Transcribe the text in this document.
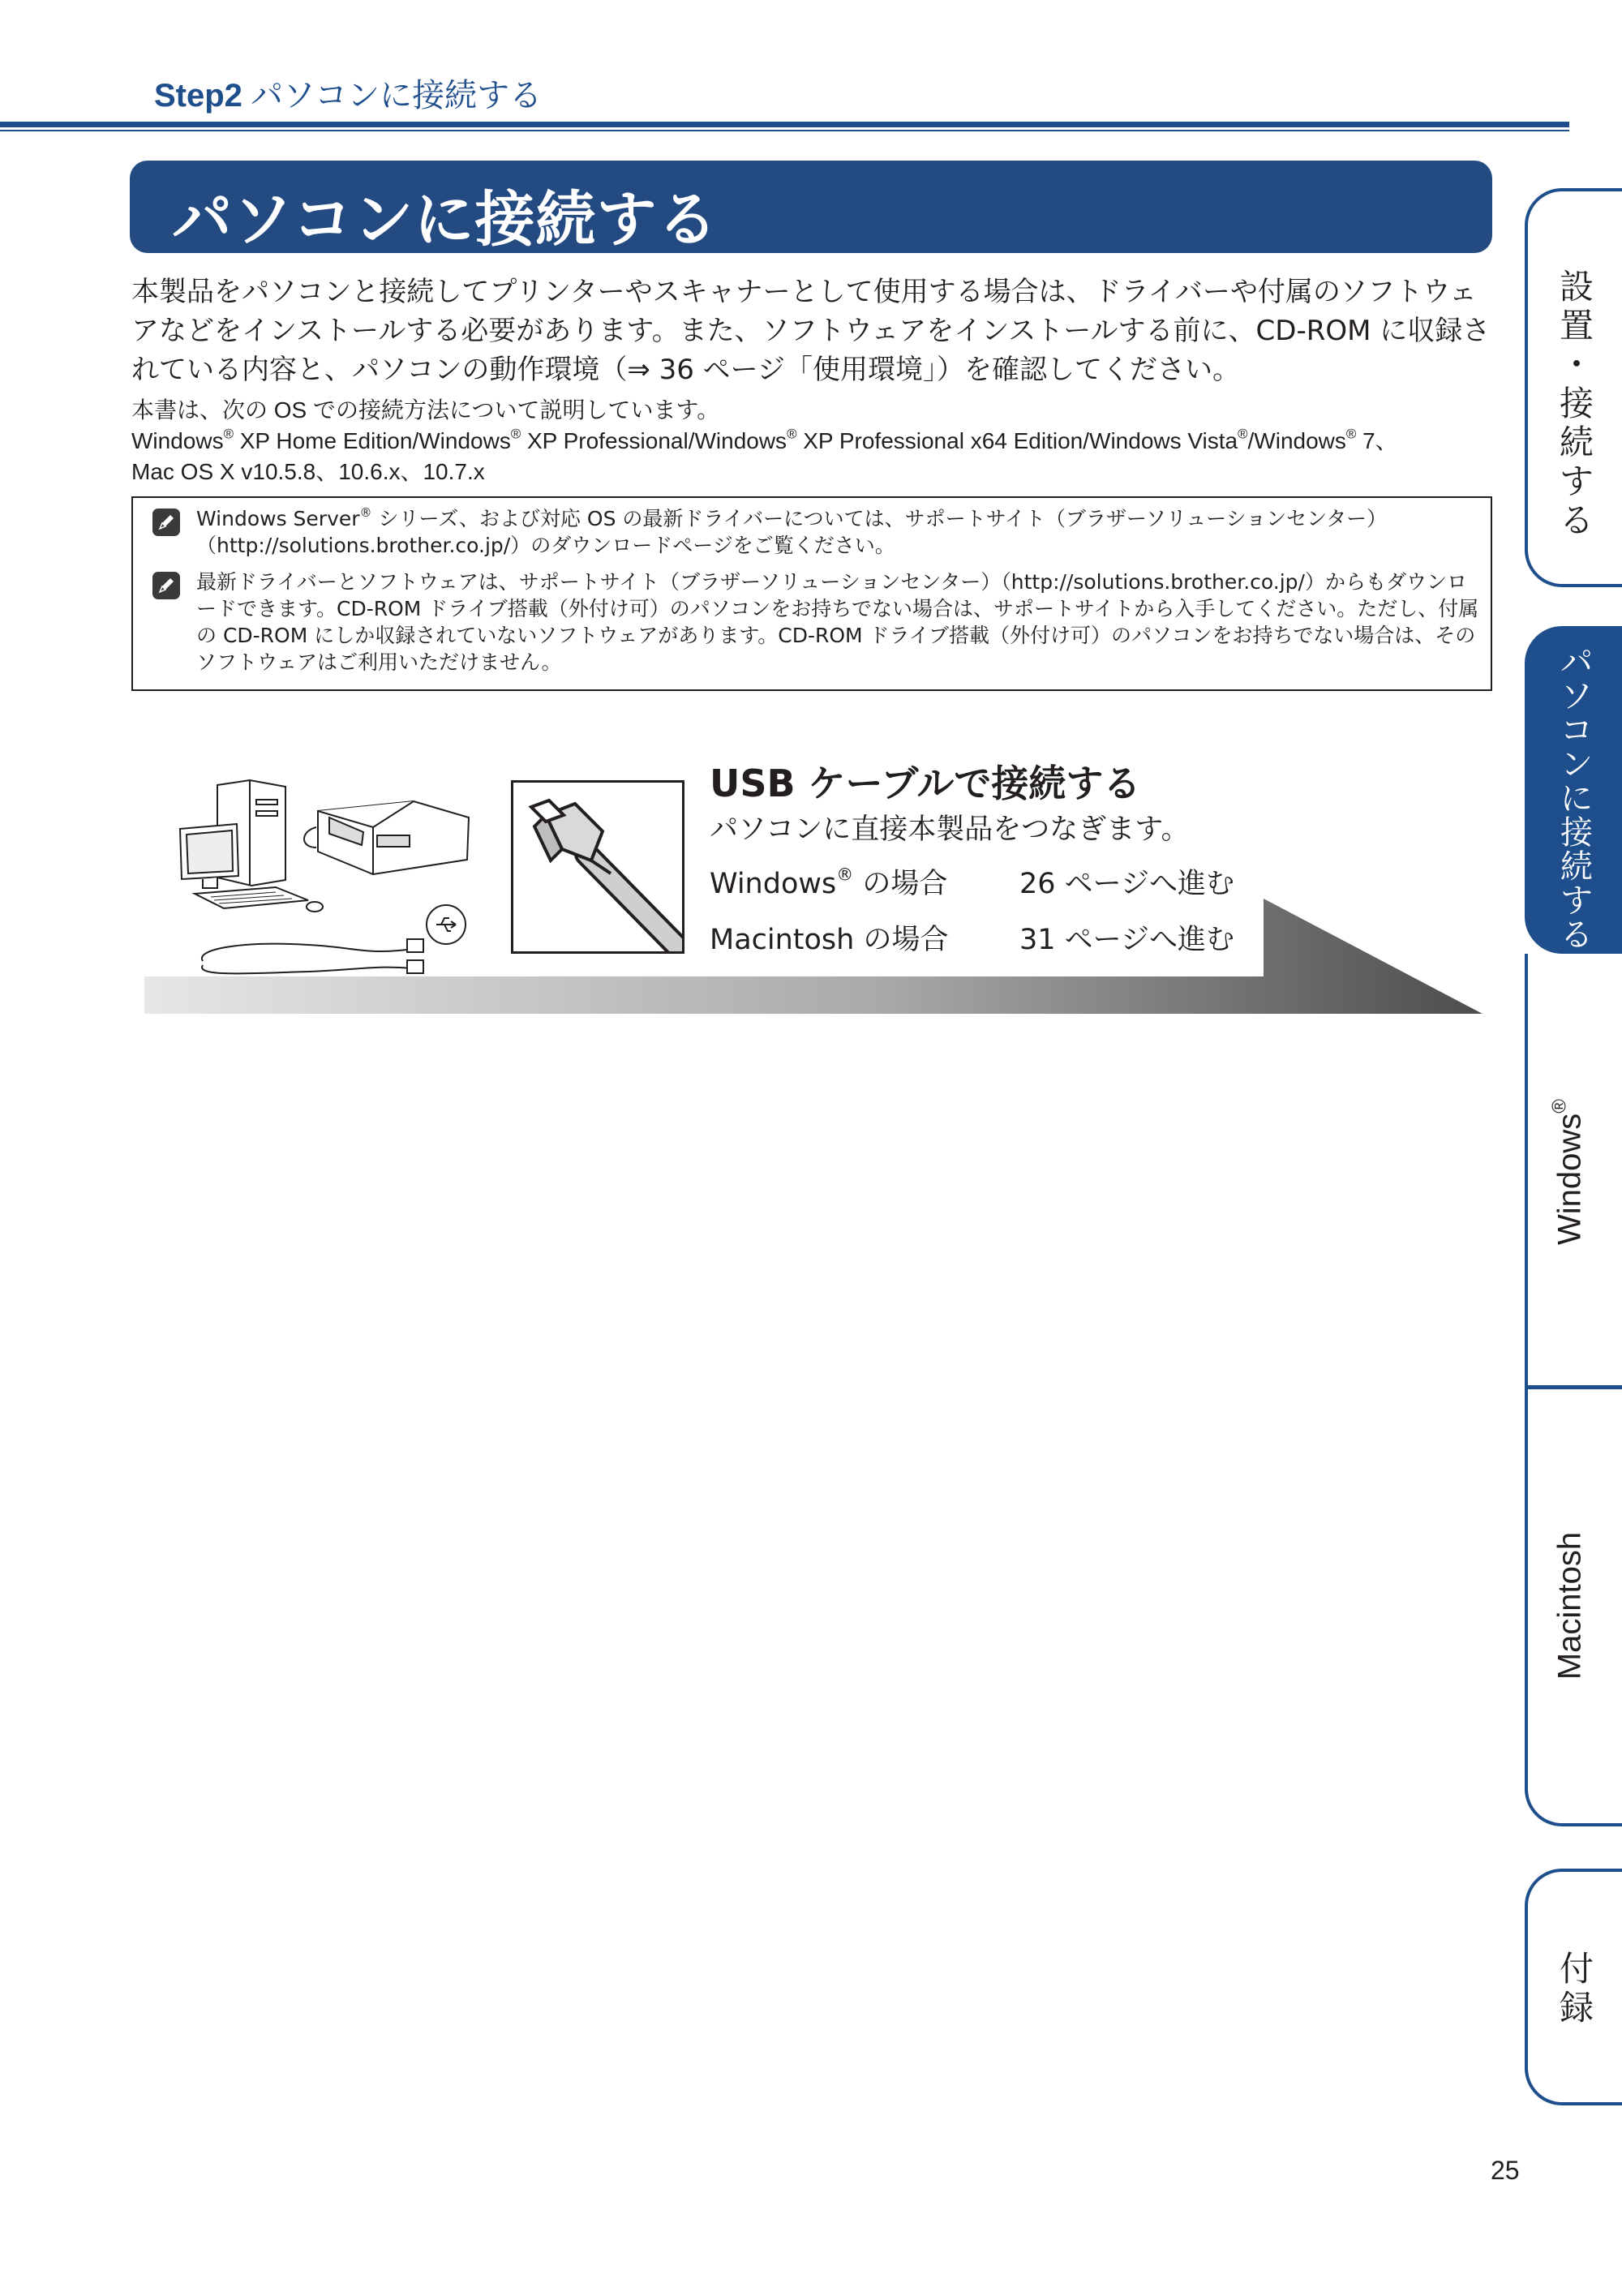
Step2 パソコンに接続する
パソコンに接続する
本製品をパソコンと接続してプリンターやスキャナーとして使用する場合は、ドライバーや付属のソフトウェアなどをインストールする必要があります。また、ソフトウェアをインストールする前に、CD-ROM に収録されている内容と、パソコンの動作環境（⇒ 36 ページ「使用環境」）を確認してください。

本書は、次の OS での接続方法について説明しています。

Windows® XP Home Edition/Windows® XP Professional/Windows® XP Professional x64 Edition/Windows Vista®/Windows® 7、

Mac OS X v10.5.8、10.6.x、10.7.x

Windows Server® シリーズ、および対応 OS の最新ドライバーについては、サポートサイト（ブラザーソリューションセンター）（http://solutions.brother.co.jp/）のダウンロードページをご覧ください。
最新ドライバーとソフトウェアは、サポートサイト（ブラザーソリューションセンター）（http://solutions.brother.co.jp/）からもダウンロードできます。CD-ROM ドライブ搭載（外付け可）のパソコンをお持ちでない場合は、サポートサイトから入手してください。ただし、付属の CD-ROM にしか収録されていないソフトウェアがあります。CD-ROM ドライブ搭載（外付け可）のパソコンをお持ちでない場合は、そのソフトウェアはご利用いただけません。
USB ケーブルで接続する
パソコンに直接本製品をつなぎます。
Windows® の場合	26 ページへ進む
Macintosh の場合	31 ページへ進む
設
置
・
接
続
す
る
パ
ソ
コ
ン
に
接
続
す
る
Windows®
Macintosh
付
録
25
